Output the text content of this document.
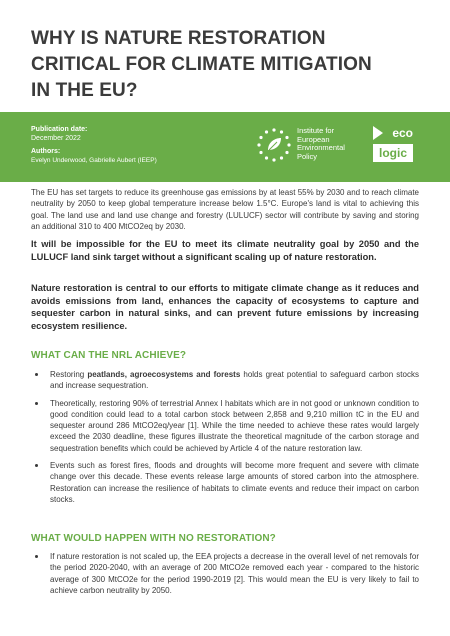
WHY IS NATURE RESTORATION
CRITICAL FOR CLIMATE MITIGATION
IN THE EU?
Publication date:
December 2022
Authors:
Evelyn Underwood, Gabrielle Aubert (IEEP)
Institute for
European
Environmental
Policy
eco
logic

The EU has set targets to reduce its greenhouse gas emissions by at least 55% by 2030 and to reach climate neutrality by 2050 to keep global temperature increase below 1.5°C. Europe's land is vital to achieving this goal. The land use and land use change and forestry (LULUCF) sector will contribute by saving and storing an additional 310 to 400 MtCO2eq by 2030.

It will be impossible for the EU to meet its climate neutrality goal by 2050 and the LULUCF land sink target without a significant scaling up of nature restoration.

Nature restoration is central to our efforts to mitigate climate change as it reduces and avoids emissions from land, enhances the capacity of ecosystems to capture and sequester carbon in natural sinks, and can prevent future emissions by increasing ecosystem resilience.

WHAT CAN THE NRL ACHIEVE?
Restoring peatlands, agroecosystems and forests holds great potential to safeguard carbon stocks and increase sequestration.
Theoretically, restoring 90% of terrestrial Annex I habitats which are in not good or unknown condition to good condition could lead to a total carbon stock between 2,858 and 9,210 million tC in the EU and sequester around 286 MtCO2eq/year [1]. While the time needed to achieve these rates would largely exceed the 2030 deadline, these figures illustrate the theoretical magnitude of the carbon storage and sequestration benefits which could be achieved by Article 4 of the nature restoration law.
Events such as forest fires, floods and droughts will become more frequent and severe with climate change over this decade. These events release large amounts of stored carbon into the atmosphere. Restoration can increase the resilience of habitats to climate events and reduce their impact on carbon stocks.
WHAT WOULD HAPPEN WITH NO RESTORATION?
If nature restoration is not scaled up, the EEA projects a decrease in the overall level of net removals for the period 2020-2040, with an average of 200 MtCO2e removed each year - compared to the historic average of 300 MtCO2e for the period 1990-2019 [2]. This would mean the EU is very likely to fail to achieve carbon neutrality by 2050.
